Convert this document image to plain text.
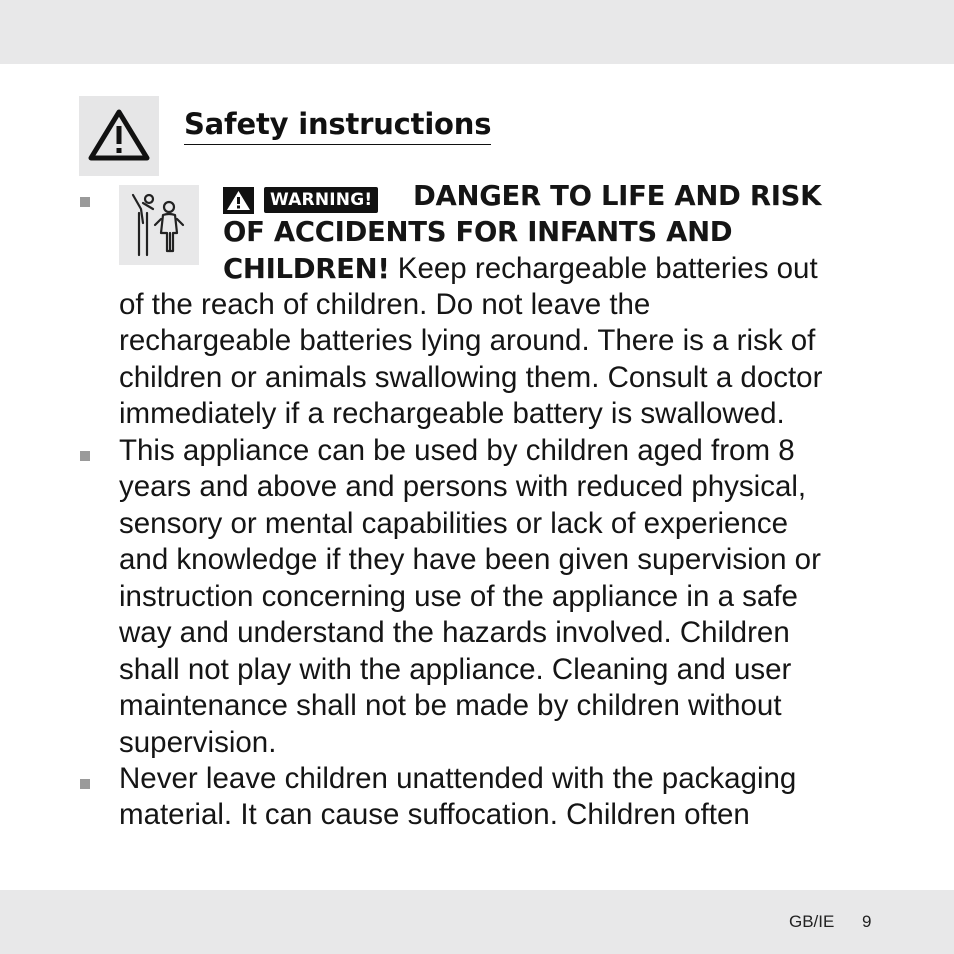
Safety instructions
WARNING! DANGER TO LIFE AND RISK

OF ACCIDENTS FOR INFANTS AND

CHILDREN! Keep rechargeable batteries out

of the reach of children. Do not leave the

rechargeable batteries lying around. There is a risk of

children or animals swallowing them. Consult a doctor

immediately if a rechargeable battery is swallowed.

This appliance can be used by children aged from 8

years and above and persons with reduced physical,

sensory or mental capabilities or lack of experience

and knowledge if they have been given supervision or

instruction concerning use of the appliance in a safe

way and understand the hazards involved. Children

shall not play with the appliance. Cleaning and user

maintenance shall not be made by children without

supervision.

Never leave children unattended with the packaging

material. It can cause suffocation. Children often

GB/IE 9
